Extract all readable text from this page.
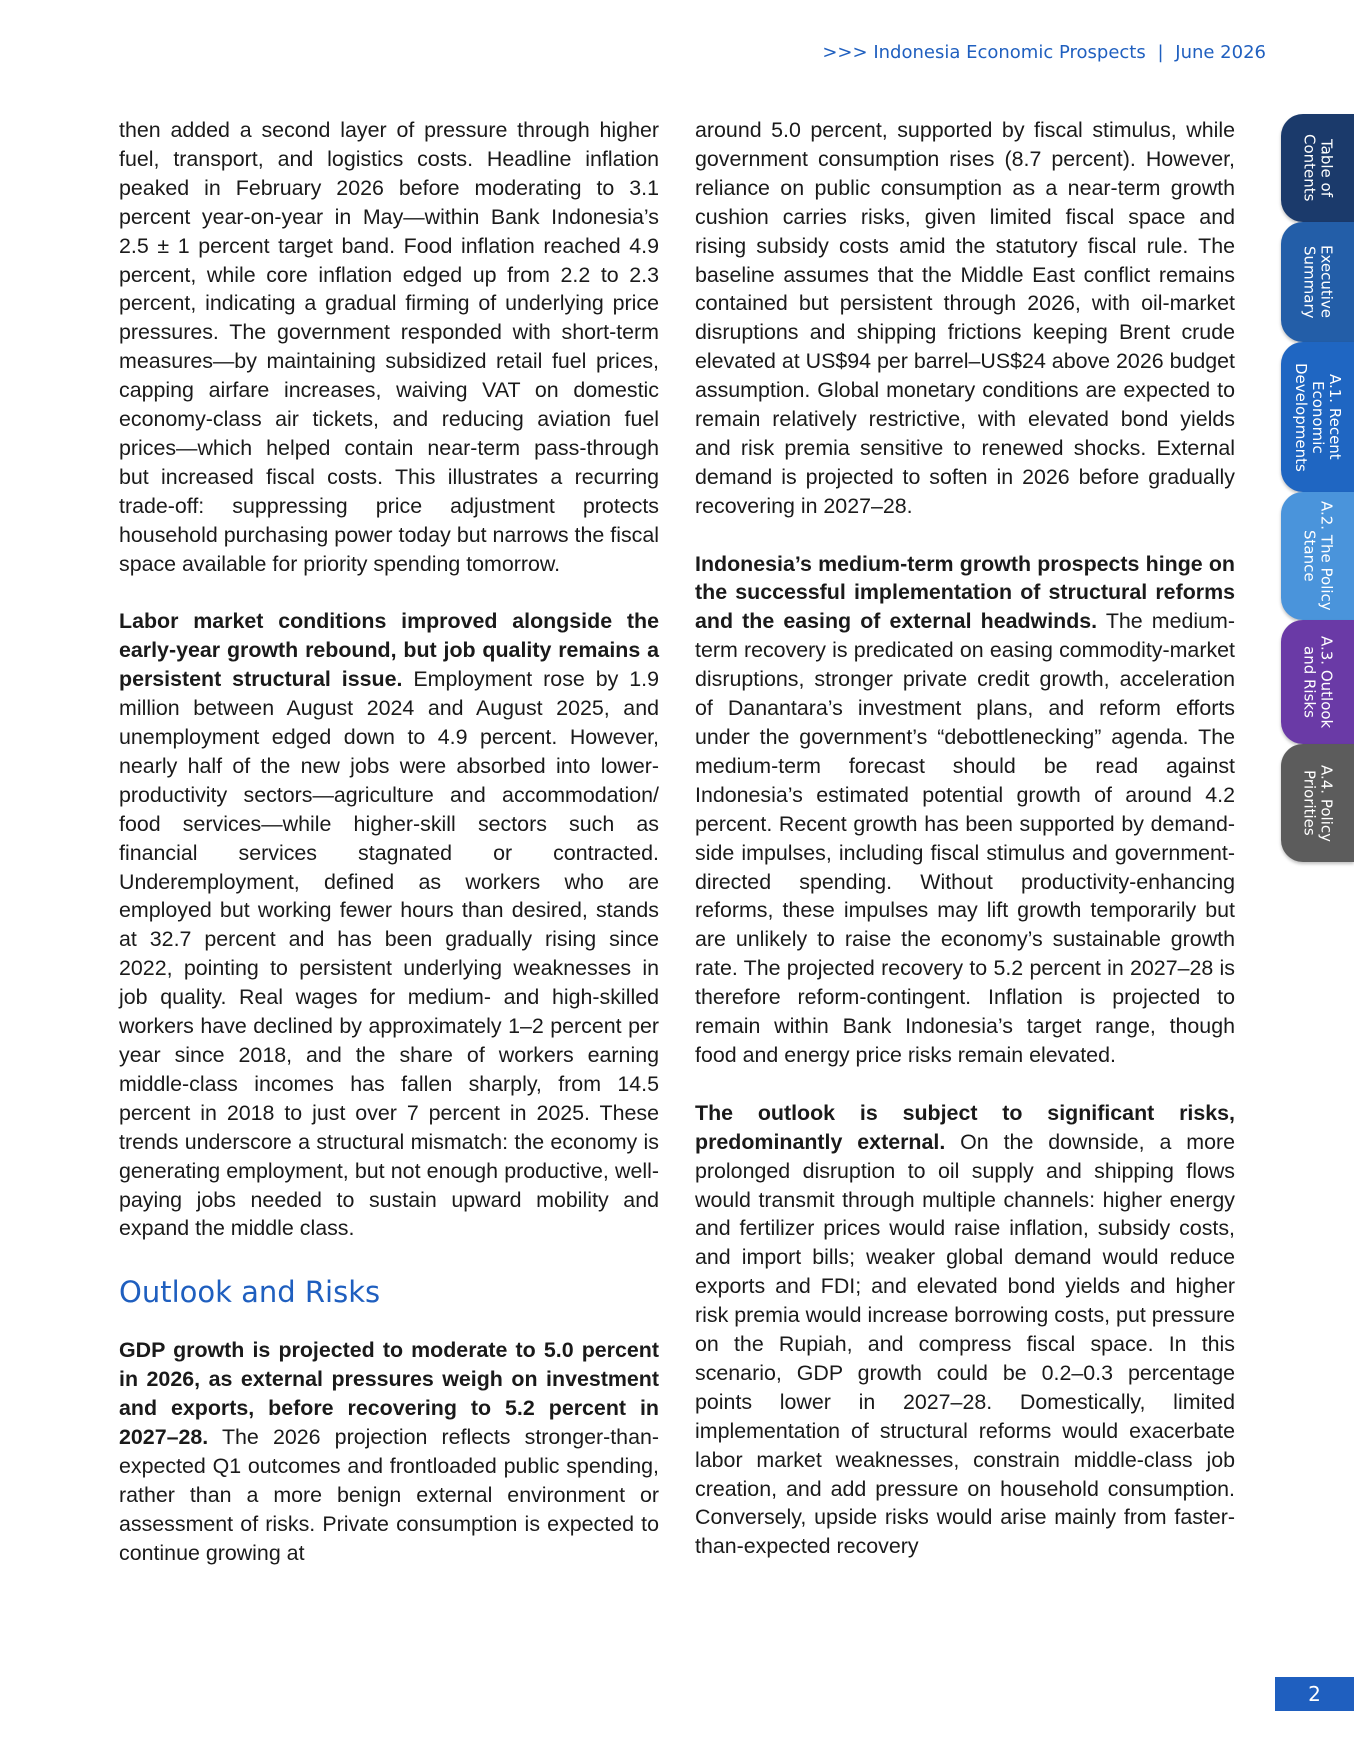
>>> Indonesia Economic Prospects | June 2026

then added a second layer of pressure through higher fuel, transport, and logistics costs. Headline inflation peaked in February 2026 before moderating to 3.1 percent year-on-year in May—within Bank Indonesia’s 2.5 ± 1 percent target band. Food inflation reached 4.9 percent, while core inflation edged up from 2.2 to 2.3 percent, indicating a gradual firming of underlying price pressures. The government responded with short-term measures—by maintaining subsidized retail fuel prices, capping airfare increases, waiving VAT on domestic economy-class air tickets, and reducing aviation fuel prices—which helped contain near-term pass-through but increased fiscal costs. This illustrates a recurring trade-off: suppressing price adjustment protects household purchasing power today but narrows the fiscal space available for priority spending tomorrow.

Labor market conditions improved alongside the early-year growth rebound, but job quality remains a persistent structural issue. Employment rose by 1.9 million between August 2024 and August 2025, and unemployment edged down to 4.9 percent. However, nearly half of the new jobs were absorbed into lower-productivity sectors—agriculture and accommodation/ food services—while higher-skill sectors such as financial services stagnated or contracted. Underemployment, defined as workers who are employed but working fewer hours than desired, stands at 32.7 percent and has been gradually rising since 2022, pointing to persistent underlying weaknesses in job quality. Real wages for medium- and high-skilled workers have declined by approximately 1–2 percent per year since 2018, and the share of workers earning middle-class incomes has fallen sharply, from 14.5 percent in 2018 to just over 7 percent in 2025. These trends underscore a structural mismatch: the economy is generating employment, but not enough productive, well-paying jobs needed to sustain upward mobility and expand the middle class.

Outlook and Risks

GDP growth is projected to moderate to 5.0 percent in 2026, as external pressures weigh on investment and exports, before recovering to 5.2 percent in 2027–28. The 2026 projection reflects stronger-than-expected Q1 outcomes and frontloaded public spending, rather than a more benign external environment or assessment of risks. Private consumption is expected to continue growing at

around 5.0 percent, supported by fiscal stimulus, while government consumption rises (8.7 percent). However, reliance on public consumption as a near-term growth cushion carries risks, given limited fiscal space and rising subsidy costs amid the statutory fiscal rule. The baseline assumes that the Middle East conflict remains contained but persistent through 2026, with oil-market disruptions and shipping frictions keeping Brent crude elevated at US$94 per barrel–US$24 above 2026 budget assumption. Global monetary conditions are expected to remain relatively restrictive, with elevated bond yields and risk premia sensitive to renewed shocks. External demand is projected to soften in 2026 before gradually recovering in 2027–28.

Indonesia’s medium-term growth prospects hinge on the successful implementation of structural reforms and the easing of external headwinds. The medium-term recovery is predicated on easing commodity-market disruptions, stronger private credit growth, acceleration of Danantara’s investment plans, and reform efforts under the government’s “debottlenecking” agenda. The medium-term forecast should be read against Indonesia’s estimated potential growth of around 4.2 percent. Recent growth has been supported by demand-side impulses, including fiscal stimulus and government-directed spending. Without productivity-enhancing reforms, these impulses may lift growth temporarily but are unlikely to raise the economy’s sustainable growth rate. The projected recovery to 5.2 percent in 2027–28 is therefore reform-contingent. Inflation is projected to remain within Bank Indonesia’s target range, though food and energy price risks remain elevated.

The outlook is subject to significant risks, predominantly external. On the downside, a more prolonged disruption to oil supply and shipping flows would transmit through multiple channels: higher energy and fertilizer prices would raise inflation, subsidy costs, and import bills; weaker global demand would reduce exports and FDI; and elevated bond yields and higher risk premia would increase borrowing costs, put pressure on the Rupiah, and compress fiscal space. In this scenario, GDP growth could be 0.2–0.3 percentage points lower in 2027–28. Domestically, limited implementation of structural reforms would exacerbate labor market weaknesses, constrain middle-class job creation, and add pressure on household consumption. Conversely, upside risks would arise mainly from faster-than-expected recovery

Table of
Contents
Executive
Summary
A.1. Recent
Economic
Developments
A.2. The Policy
Stance
A.3. Outlook
and Risks
A.4. Policy
Priorities
2
